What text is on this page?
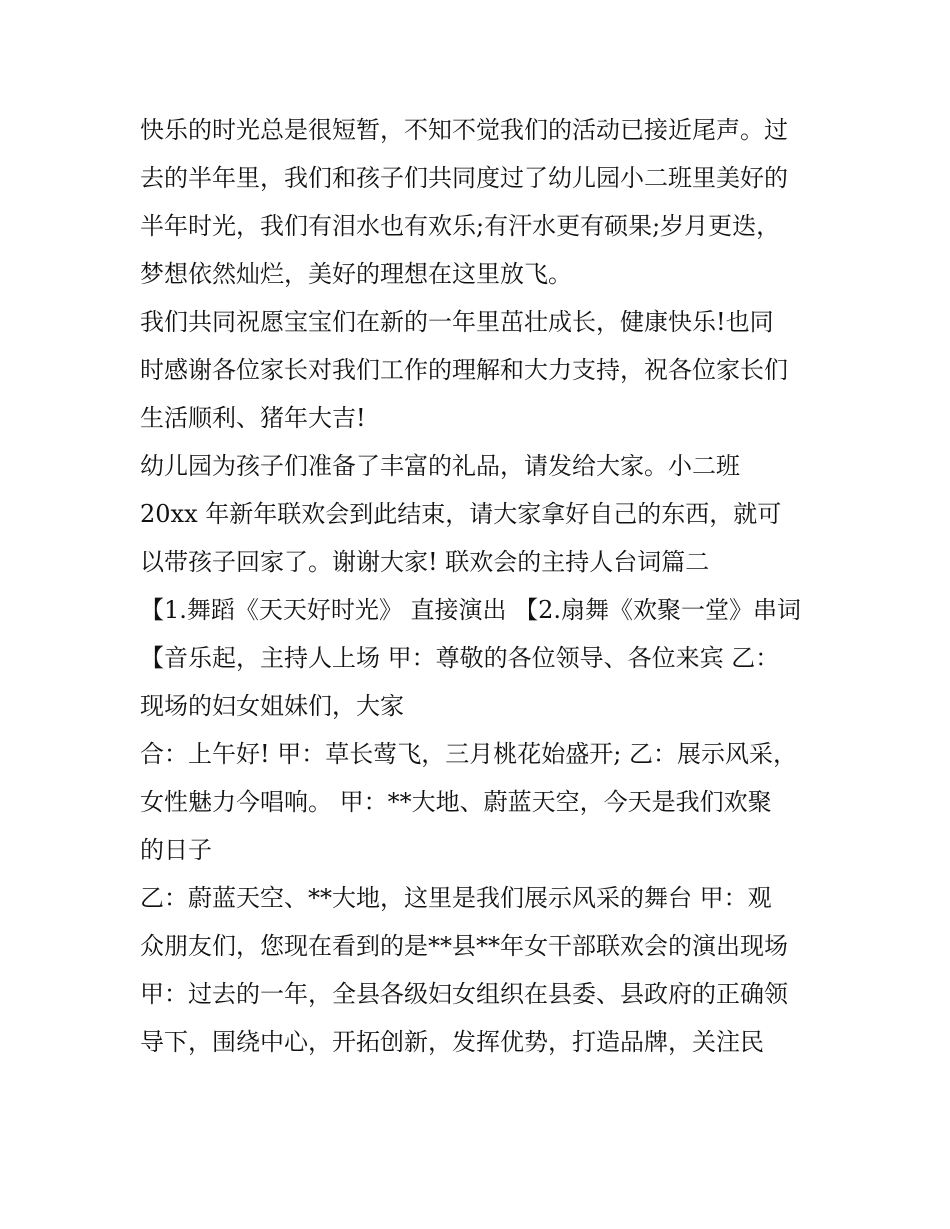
快乐的时光总是很短暂，不知不觉我们的活动已接近尾声。过
去的半年里，我们和孩子们共同度过了幼儿园小二班里美好的
半年时光，我们有泪水也有欢乐;有汗水更有硕果;岁月更迭，
梦想依然灿烂，美好的理想在这里放飞。
我们共同祝愿宝宝们在新的一年里茁壮成长，健康快乐!也同
时感谢各位家长对我们工作的理解和大力支持，祝各位家长们
生活顺利、猪年大吉!
幼儿园为孩子们准备了丰富的礼品，请发给大家。小二班
20xx 年新年联欢会到此结束，请大家拿好自己的东西，就可
以带孩子回家了。谢谢大家! 联欢会的主持人台词篇二
【1.舞蹈《天天好时光》 直接演出 【2.扇舞《欢聚一堂》串词
【音乐起，主持人上场 甲：尊敬的各位领导、各位来宾 乙：
现场的妇女姐妹们，大家
合：上午好! 甲：草长莺飞，三月桃花始盛开; 乙：展示风采，
女性魅力今唱响。 甲：**大地、蔚蓝天空，今天是我们欢聚
的日子
乙：蔚蓝天空、**大地，这里是我们展示风采的舞台 甲：观
众朋友们，您现在看到的是**县**年女干部联欢会的演出现场
甲：过去的一年，全县各级妇女组织在县委、县政府的正确领
导下，围绕中心，开拓创新，发挥优势，打造品牌，关注民
